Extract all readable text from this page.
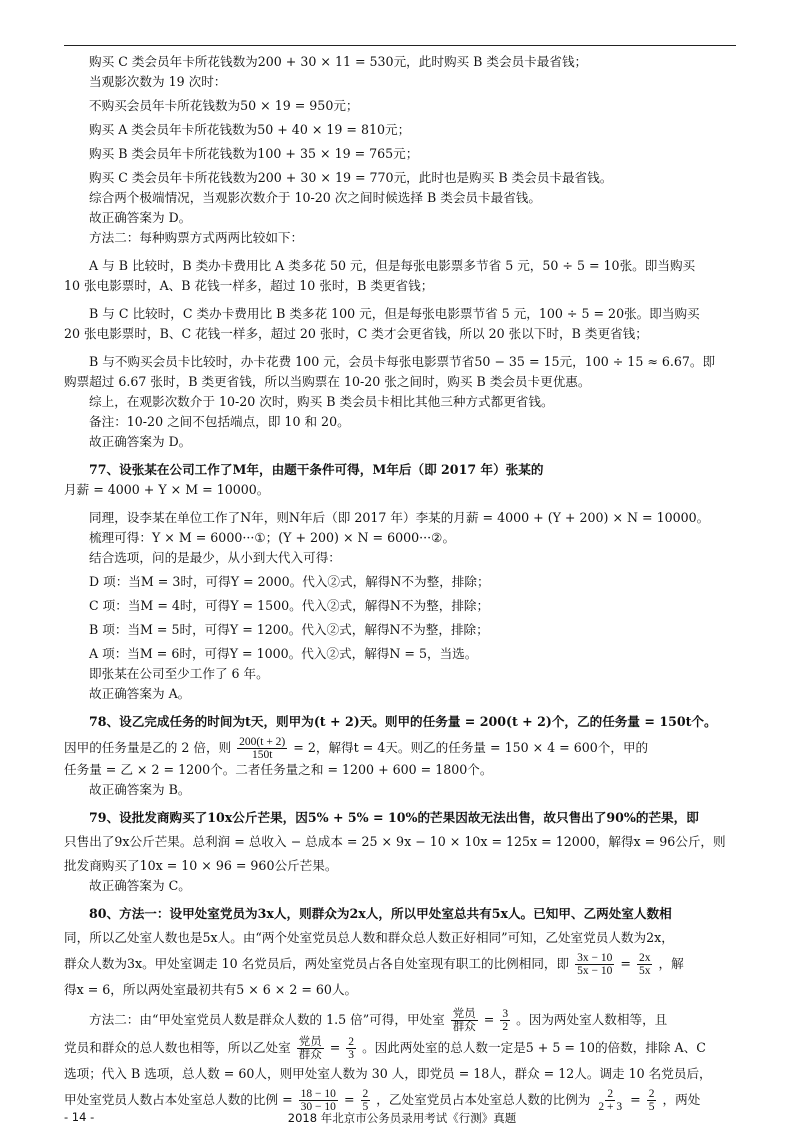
购买 C 类会员年卡所花钱数为200 + 30 × 11 = 530元，此时购买 B 类会员卡最省钱；
当观影次数为 19 次时：
不购买会员年卡所花钱数为50 × 19 = 950元；
购买 A 类会员年卡所花钱数为50 + 40 × 19 = 810元；
购买 B 类会员年卡所花钱数为100 + 35 × 19 = 765元；
购买 C 类会员年卡所花钱数为200 + 30 × 19 = 770元，此时也是购买 B 类会员卡最省钱。
综合两个极端情况，当观影次数介于 10-20 次之间时候选择 B 类会员卡最省钱。
故正确答案为 D。
方法二：每种购票方式两两比较如下：
A 与 B 比较时，B 类办卡费用比 A 类多花 50 元，但是每张电影票多节省 5 元，50 ÷ 5 = 10张。即当购买
10 张电影票时，A、B 花钱一样多，超过 10 张时，B 类更省钱；
B 与 C 比较时，C 类办卡费用比 B 类多花 100 元，但是每张电影票节省 5 元，100 ÷ 5 = 20张。即当购买
20 张电影票时，B、C 花钱一样多，超过 20 张时，C 类才会更省钱，所以 20 张以下时，B 类更省钱；
B 与不购买会员卡比较时，办卡花费 100 元，会员卡每张电影票节省50 − 35 = 15元，100 ÷ 15 ≈ 6.67。即
购票超过 6.67 张时，B 类更省钱，所以当购票在 10-20 张之间时，购买 B 类会员卡更优惠。
综上，在观影次数介于 10-20 次时，购买 B 类会员卡相比其他三种方式都更省钱。
备注：10-20 之间不包括端点，即 10 和 20。
故正确答案为 D。
77、设张某在公司工作了M年，由题干条件可得，M年后（即 2017 年）张某的
月薪 = 4000 + Y × M = 10000。
同理，设李某在单位工作了N年，则N年后（即 2017 年）李某的月薪 = 4000 + (Y + 200) × N = 10000。
梳理可得：Y × M = 6000···①；(Y + 200) × N = 6000···②。
结合选项，问的是最少，从小到大代入可得：
D 项：当M = 3时，可得Y = 2000。代入②式，解得N不为整，排除；
C 项：当M = 4时，可得Y = 1500。代入②式，解得N不为整，排除；
B 项：当M = 5时，可得Y = 1200。代入②式，解得N不为整，排除；
A 项：当M = 6时，可得Y = 1000。代入②式，解得N = 5，当选。
即张某在公司至少工作了 6 年。
故正确答案为 A。
78、设乙完成任务的时间为t天，则甲为(t + 2)天。则甲的任务量 = 200(t + 2)个，乙的任务量 = 150t个。
因甲的任务量是乙的 2 倍，则 $\frac{200(t + 2)}{150t} = 2$，解得t = 4天。则乙的任务量 = 150 × 4 = 600个，甲的
任务量 = 乙 × 2 = 1200个。二者任务量之和 = 1200 + 600 = 1800个。
故正确答案为 B。
79、设批发商购买了10x公斤芒果，因5% + 5% = 10%的芒果因故无法出售，故只售出了90%的芒果，即
只售出了9x公斤芒果。总利润 = 总收入 − 总成本 = 25 × 9x − 10 × 10x = 125x = 12000，解得x = 96公斤，则
批发商购买了10x = 10 × 96 = 960公斤芒果。
故正确答案为 C。
80、方法一：设甲处室党员为3x人，则群众为2x人，所以甲处室总共有5x人。已知甲、乙两处室人数相
同，所以乙处室人数也是5x人。由“两个处室党员总人数和群众总人数正好相同”可知，乙处室党员人数为2x，
群众人数为3x。甲处室调走 10 名党员后，两处室党员占各自处室现有职工的比例相同，即 $\frac{3x - 10}{5x - 10} = \frac{2x}{5x}$ ，解
得x = 6，所以两处室最初共有5 × 6 × 2 = 60人。
方法二：由“甲处室党员人数是群众人数的 1.5 倍”可得，甲处室 $\frac{\text{党员}}{\text{群众}} = \frac{3}{2}$ 。因为两处室人数相等，且
党员和群众的总人数也相等，所以乙处室 $\frac{\text{党员}}{\text{群众}} = \frac{2}{3}$ 。因此两处室的总人数一定是5 + 5 = 10的倍数，排除 A、C
选项；代入 B 选项，总人数 = 60人，则甲处室人数为 30 人，即党员 = 18人，群众 = 12人。调走 10 名党员后，
甲处室党员人数占本处室总人数的比例 = $\frac{18 - 10}{30 - 10} = \frac{2}{5}$ ，乙处室党员占本处室总人数的比例为 $\frac{2}{2 + 3} = \frac{2}{5}$ ，两处
- 14 -	2018 年北京市公务员录用考试《行测》真题
